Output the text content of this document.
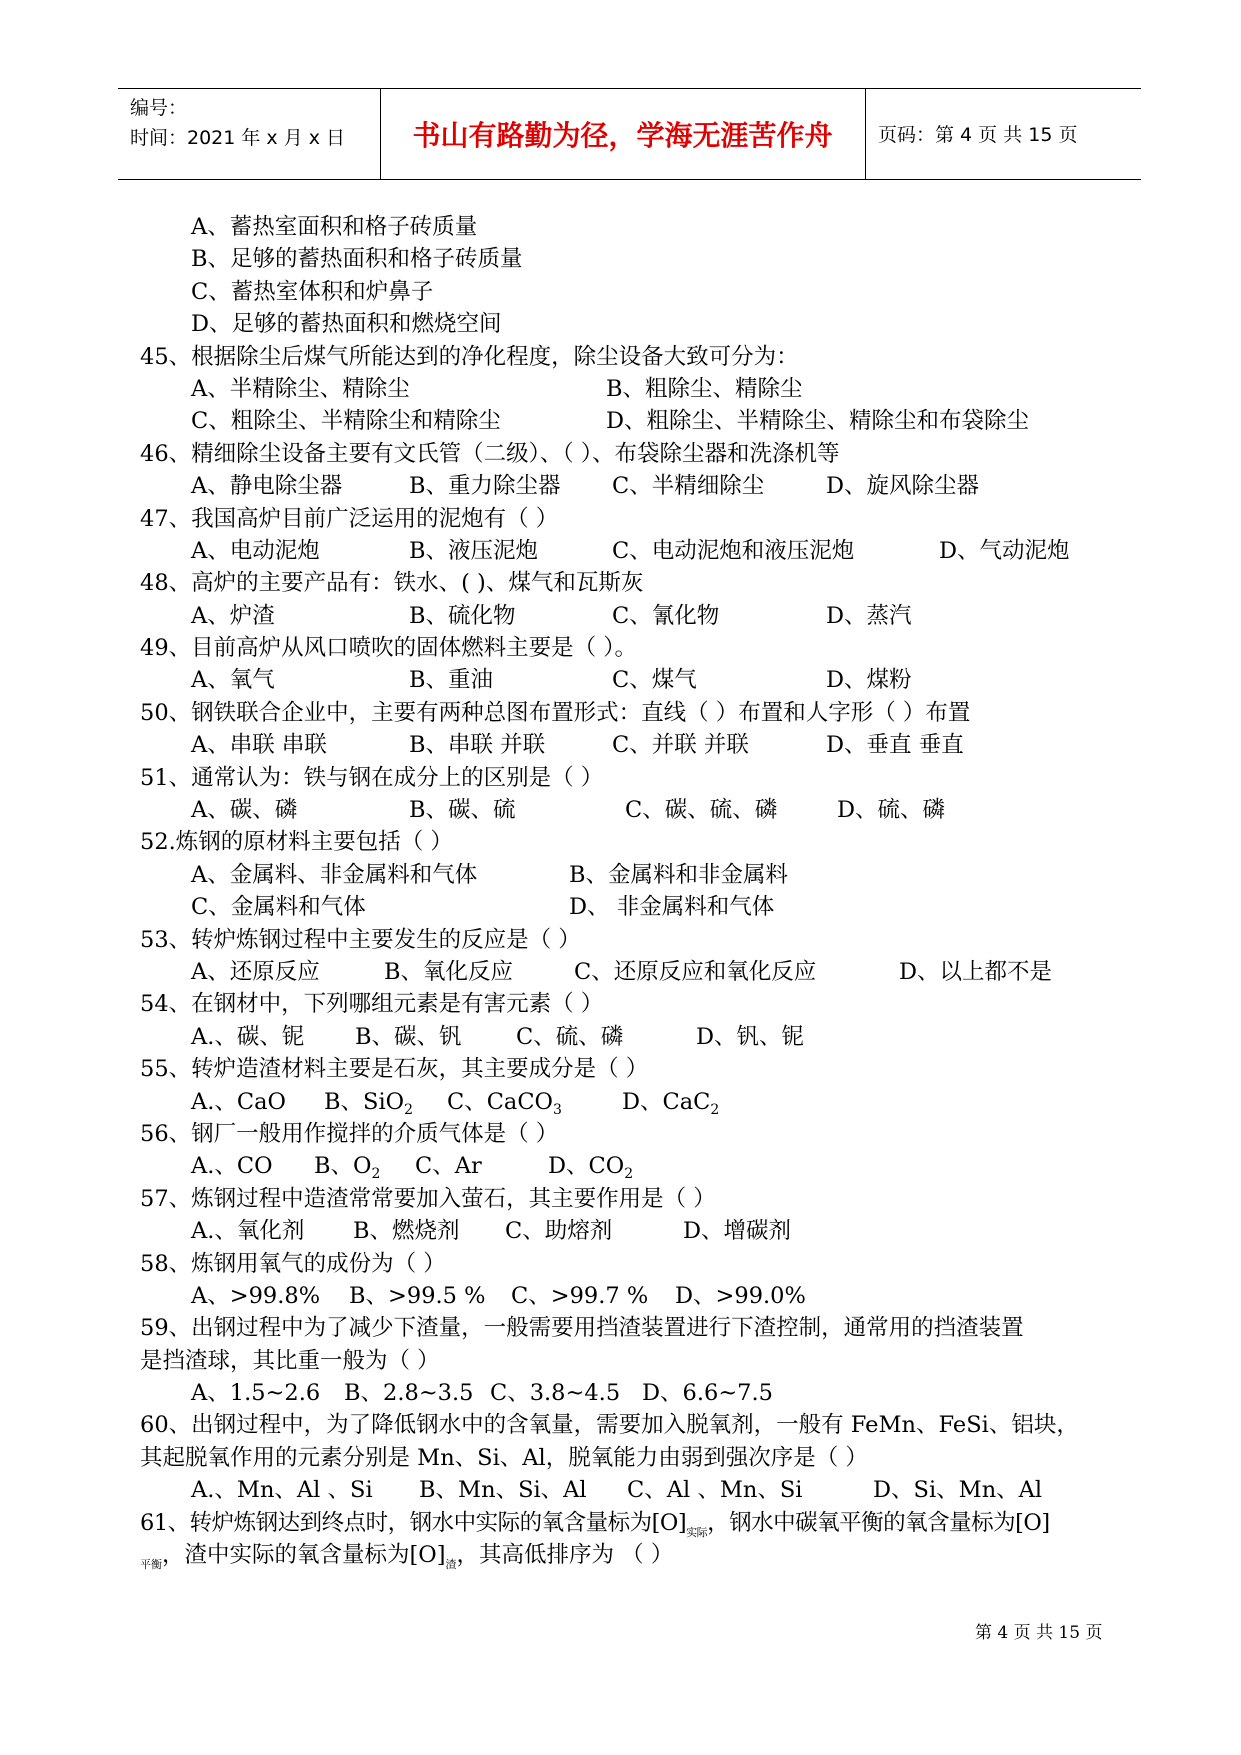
编号：
时间：2021 年 x 月 x 日	书山有路勤为径，学海无涯苦作舟	页码：第 4 页 共 15 页
A、蓄热室面积和格子砖质量
B、足够的蓄热面积和格子砖质量
C、蓄热室体积和炉鼻子
D、足够的蓄热面积和燃烧空间
45、根据除尘后煤气所能达到的净化程度，除尘设备大致可分为：
A、半精除尘、精除尘	B、粗除尘、精除尘
C、粗除尘、半精除尘和精除尘	D、粗除尘、半精除尘、精除尘和布袋除尘
46、精细除尘设备主要有文氏管（二级）、（ ）、布袋除尘器和洗涤机等
A、静电除尘器	B、重力除尘器 C、半精细除尘	D、旋风除尘器
47、我国高炉目前广泛运用的泥炮有（ ）
A、电动泥炮	B、液压泥炮	C、电动泥炮和液压泥炮	D、气动泥炮
48、高炉的主要产品有：铁水、( )、煤气和瓦斯灰
A、炉渣	B、硫化物	C、氰化物	D、蒸汽
49、目前高炉从风口喷吹的固体燃料主要是（ ）。
A、氧气	B、重油	C、煤气	D、煤粉
50、钢铁联合企业中，主要有两种总图布置形式：直线（ ）布置和人字形（ ）布置
A、串联 串联	B、串联 并联	C、并联 并联	D、垂直 垂直
51、通常认为：铁与钢在成分上的区别是（ ）
A、碳、磷	B、碳、硫	C、碳、硫、磷	D、硫、磷
52.炼钢的原材料主要包括（ ）
A、金属料、非金属料和气体	B、金属料和非金属料
C、金属料和气体	D、 非金属料和气体
53、转炉炼钢过程中主要发生的反应是（ ）
A、还原反应	B、氧化反应	C、还原反应和氧化反应	D、以上都不是
54、在钢材中，下列哪组元素是有害元素（ ）
A.、碳、铌 B、碳、钒 C、硫、磷	D、钒、铌
55、转炉造渣材料主要是石灰，其主要成分是（ ）
A.、CaO B、SiO$_2$ C、CaCO$_3$	D、CaC$_2$
56、钢厂一般用作搅拌的介质气体是（ ）
A.、CO B、$O_2$ C、Ar	D、$CO_2$
57、炼钢过程中造渣常常要加入萤石，其主要作用是（ ）
A.、氧化剂 B、燃烧剂 C、助熔剂	D、增碳剂
58、炼钢用氧气的成份为（ ）
A、>99.8% B、>99.5 % C、>99.7 % D、>99.0%
59、出钢过程中为了减少下渣量，一般需要用挡渣装置进行下渣控制，通常用的挡渣装置
是挡渣球，其比重一般为（ ）
A、1.5~2.6 B、2.8~3.5 C、3.8~4.5 D、6.6~7.5
60、出钢过程中，为了降低钢水中的含氧量，需要加入脱氧剂，一般有 FeMn、FeSi、铝块，
其起脱氧作用的元素分别是 Mn、Si、Al，脱氧能力由弱到强次序是（ ）
A.、Mn、Al 、Si B、Mn、Si、Al C、Al 、Mn、Si	D、Si、Mn、Al
61、转炉炼钢达到终点时，钢水中实际的氧含量标为$[O]_{实际}$，钢水中碳氧平衡的氧含量标为[O]
$_{平衡}$，渣中实际的氧含量标为$[O]_渣$，其高低排序为 （ ）
第 4 页 共 15 页
